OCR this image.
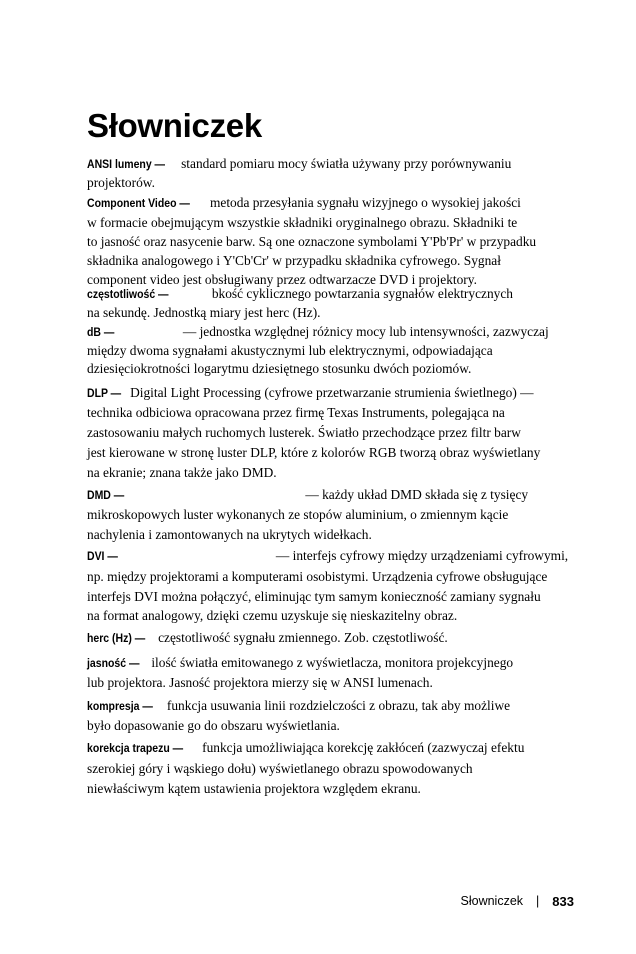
Słowniczek
ANSI lumeny — standard pomiaru mocy światła używany przy porównywaniu
projektorów.
Component Video — metoda przesyłania sygnału wizyjnego o wysokiej jakości
w formacie obejmującym wszystkie składniki oryginalnego obrazu. Składniki te
to jasność oraz nasycenie barw. Są one oznaczone symbolami Y'Pb'Pr' w przypadku
składnika analogowego i Y'Cb'Cr' w przypadku składnika cyfrowego. Sygnał
component video jest obsługiwany przez odtwarzacze DVD i projektory.
częstotliwość —	bkość cyklicznego powtarzania sygnałów elektrycznych
na sekundę. Jednostką miary jest herc (Hz).
dB —	— jednostka względnej różnicy mocy lub intensywności, zazwyczaj
między dwoma sygnałami akustycznymi lub elektrycznymi, odpowiadająca
dziesięciokrotności logarytmu dziesiętnego stosunku dwóch poziomów.
DLP — Digital Light Processing (cyfrowe przetwarzanie strumienia świetlnego) —
technika odbiciowa opracowana przez firmę Texas Instruments, polegająca na
zastosowaniu małych ruchomych lusterek. Światło przechodzące przez filtr barw
jest kierowane w stronę luster DLP, które z kolorów RGB tworzą obraz wyświetlany
na ekranie; znana także jako DMD.
DMD —	— każdy układ DMD składa się z tysięcy
mikroskopowych luster wykonanych ze stopów aluminium, o zmiennym kącie
nachylenia i zamontowanych na ukrytych widełkach.
DVI —	— interfejs cyfrowy między urządzeniami cyfrowymi,
np. między projektorami a komputerami osobistymi. Urządzenia cyfrowe obsługujące
interfejs DVI można połączyć, eliminując tym samym konieczność zamiany sygnału
na format analogowy, dzięki czemu uzyskuje się nieskazitelny obraz.
herc (Hz) — częstotliwość sygnału zmiennego. Zob. częstotliwość.
jasność — ilość światła emitowanego z wyświetlacza, monitora projekcyjnego
lub projektora. Jasność projektora mierzy się w ANSI lumenach.
kompresja — funkcja usuwania linii rozdzielczości z obrazu, tak aby możliwe
było dopasowanie go do obszaru wyświetlania.
korekcja trapezu — funkcja umożliwiająca korekcję zakłóceń (zazwyczaj efektu
szerokiej góry i wąskiego dołu) wyświetlanego obrazu spowodowanych
niewłaściwym kątem ustawienia projektora względem ekranu.
Słowniczek | 833
